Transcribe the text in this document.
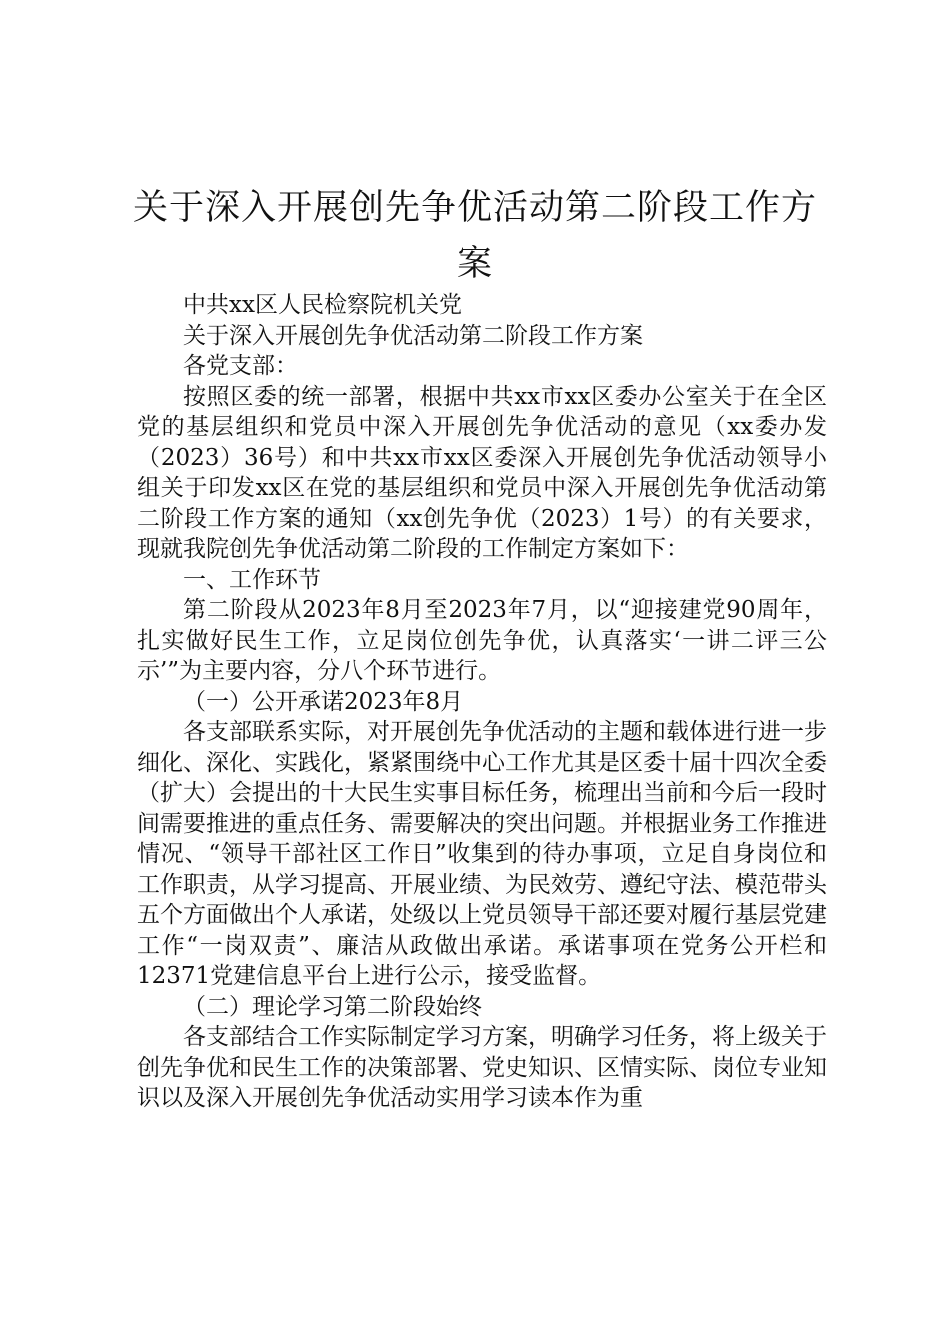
关于深入开展创先争优活动第二阶段工作方案

中共xx区人民检察院机关党

关于深入开展创先争优活动第二阶段工作方案

各党支部：

按照区委的统一部署，根据中共xx市xx区委办公室关于在全区党的基层组织和党员中深入开展创先争优活动的意见（xx委办发（2023）36号）和中共xx市xx区委深入开展创先争优活动领导小组关于印发xx区在党的基层组织和党员中深入开展创先争优活动第二阶段工作方案的通知（xx创先争优（2023）1号）的有关要求，现就我院创先争优活动第二阶段的工作制定方案如下：

一、工作环节

第二阶段从2023年8月至2023年7月，以“迎接建党90周年，扎实做好民生工作，立足岗位创先争优，认真落实‘一讲二评三公示’”为主要内容，分八个环节进行。

（一）公开承诺2023年8月

各支部联系实际，对开展创先争优活动的主题和载体进行进一步细化、深化、实践化，紧紧围绕中心工作尤其是区委十届十四次全委（扩大）会提出的十大民生实事目标任务，梳理出当前和今后一段时间需要推进的重点任务、需要解决的突出问题。并根据业务工作推进情况、“领导干部社区工作日”收集到的待办事项，立足自身岗位和工作职责，从学习提高、开展业绩、为民效劳、遵纪守法、模范带头五个方面做出个人承诺，处级以上党员领导干部还要对履行基层党建工作“一岗双责”、廉洁从政做出承诺。承诺事项在党务公开栏和12371党建信息平台上进行公示，接受监督。

（二）理论学习第二阶段始终

各支部结合工作实际制定学习方案，明确学习任务，将上级关于创先争优和民生工作的决策部署、党史知识、区情实际、岗位专业知识以及深入开展创先争优活动实用学习读本作为重
